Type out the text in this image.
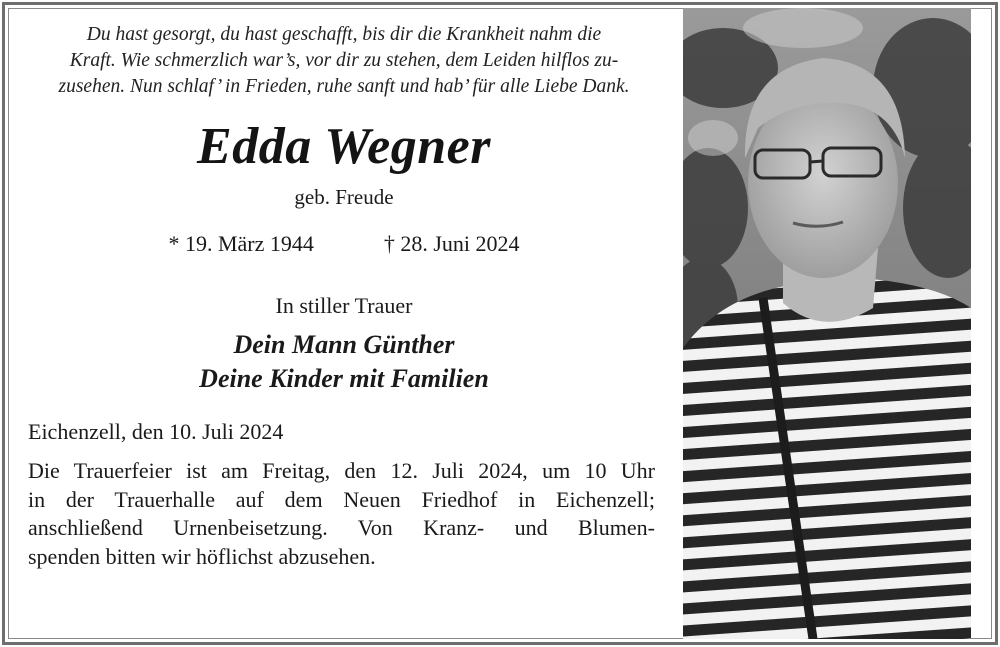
Du hast gesorgt, du hast geschafft, bis dir die Krankheit nahm die
Kraft. Wie schmerzlich war’s, vor dir zu stehen, dem Leiden hilflos zu-
zusehen. Nun schlaf’ in Frieden, ruhe sanft und hab’ für alle Liebe Dank.
Edda Wegner
geb. Freude
* 19. März 1944	† 28. Juni 2024
In stiller Trauer
Dein Mann Günther
Deine Kinder mit Familien
Eichenzell, den 10. Juli 2024
Die Trauerfeier ist am Freitag, den 12. Juli 2024, um 10 Uhr
in der Trauerhalle auf dem Neuen Friedhof in Eichenzell;
anschließend Urnenbeisetzung. Von Kranz- und Blumen-
spenden bitten wir höflichst abzusehen.
